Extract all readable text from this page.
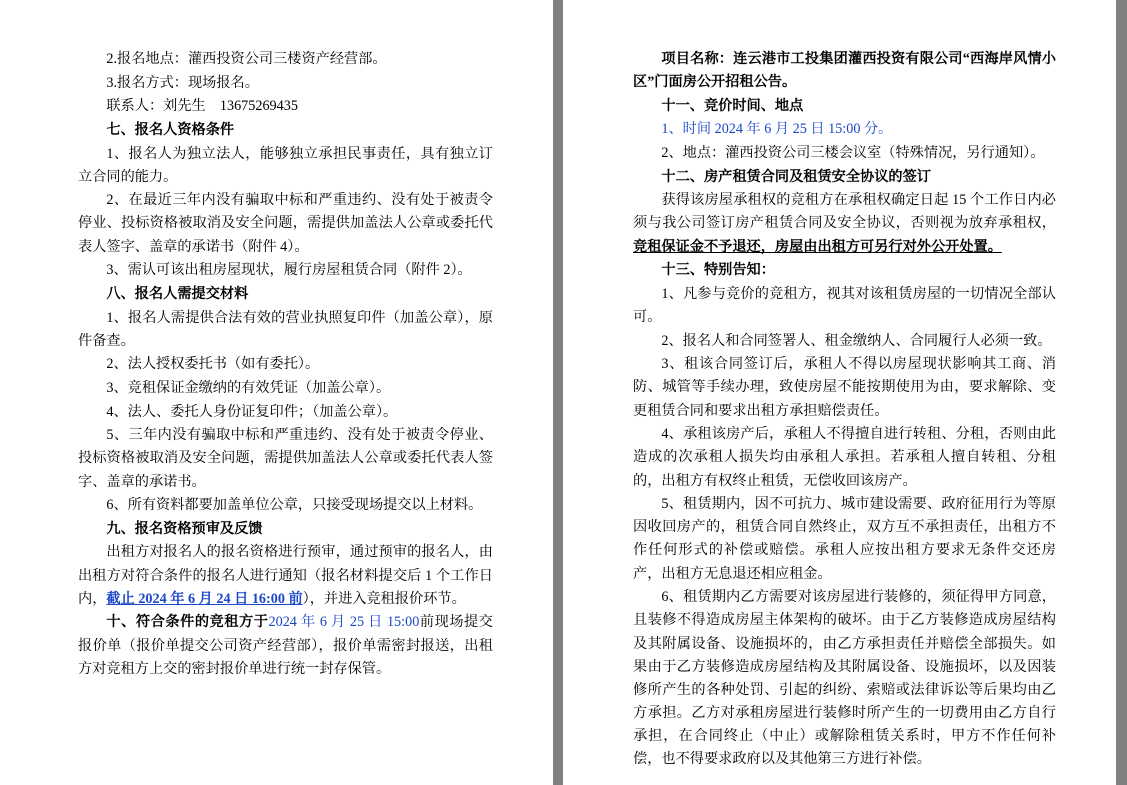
2.报名地点：灌西投资公司三楼资产经营部。

3.报名方式：现场报名。

联系人：刘先生　13675269435

七、报名人资格条件

1、报名人为独立法人，能够独立承担民事责任，具有独立订立合同的能力。

2、在最近三年内没有骗取中标和严重违约、没有处于被责令停业、投标资格被取消及安全问题，需提供加盖法人公章或委托代表人签字、盖章的承诺书（附件 4）。

3、需认可该出租房屋现状，履行房屋租赁合同（附件 2）。

八、报名人需提交材料

1、报名人需提供合法有效的营业执照复印件（加盖公章），原件备查。

2、法人授权委托书（如有委托）。

3、竞租保证金缴纳的有效凭证（加盖公章）。

4、法人、委托人身份证复印件；（加盖公章）。

5、三年内没有骗取中标和严重违约、没有处于被责令停业、投标资格被取消及安全问题，需提供加盖法人公章或委托代表人签字、盖章的承诺书。

6、所有资料都要加盖单位公章，只接受现场提交以上材料。

九、报名资格预审及反馈

出租方对报名人的报名资格进行预审，通过预审的报名人，由出租方对符合条件的报名人进行通知（报名材料提交后 1 个工作日内，截止 2024 年 6 月 24 日 16:00 前），并进入竞租报价环节。

十、符合条件的竞租方于2024 年 6 月 25 日 15:00前现场提交报价单（报价单提交公司资产经营部），报价单需密封报送，出租方对竞租方上交的密封报价单进行统一封存保管。

项目名称：连云港市工投集团灌西投资有限公司“西海岸风情小区”门面房公开招租公告。

十一、竞价时间、地点

1、时间 2024 年 6 月 25 日 15:00 分。

2、地点：灌西投资公司三楼会议室（特殊情况，另行通知）。

十二、房产租赁合同及租赁安全协议的签订

获得该房屋承租权的竞租方在承租权确定日起 15 个工作日内必须与我公司签订房产租赁合同及安全协议，否则视为放弃承租权，竞租保证金不予退还，房屋由出租方可另行对外公开处置。

十三、特别告知：

1、凡参与竞价的竞租方，视其对该租赁房屋的一切情况全部认可。

2、报名人和合同签署人、租金缴纳人、合同履行人必须一致。

3、租该合同签订后，承租人不得以房屋现状影响其工商、消防、城管等手续办理，致使房屋不能按期使用为由，要求解除、变更租赁合同和要求出租方承担赔偿责任。

4、承租该房产后，承租人不得擅自进行转租、分租，否则由此造成的次承租人损失均由承租人承担。若承租人擅自转租、分租的，出租方有权终止租赁，无偿收回该房产。

5、租赁期内，因不可抗力、城市建设需要、政府征用行为等原因收回房产的，租赁合同自然终止，双方互不承担责任，出租方不作任何形式的补偿或赔偿。承租人应按出租方要求无条件交还房产，出租方无息退还相应租金。

6、租赁期内乙方需要对该房屋进行装修的，须征得甲方同意，且装修不得造成房屋主体架构的破坏。由于乙方装修造成房屋结构及其附属设备、设施损坏的，由乙方承担责任并赔偿全部损失。如果由于乙方装修造成房屋结构及其附属设备、设施损坏，以及因装修所产生的各种处罚、引起的纠纷、索赔或法律诉讼等后果均由乙方承担。乙方对承租房屋进行装修时所产生的一切费用由乙方自行承担，在合同终止（中止）或解除租赁关系时，甲方不作任何补偿，也不得要求政府以及其他第三方进行补偿。
